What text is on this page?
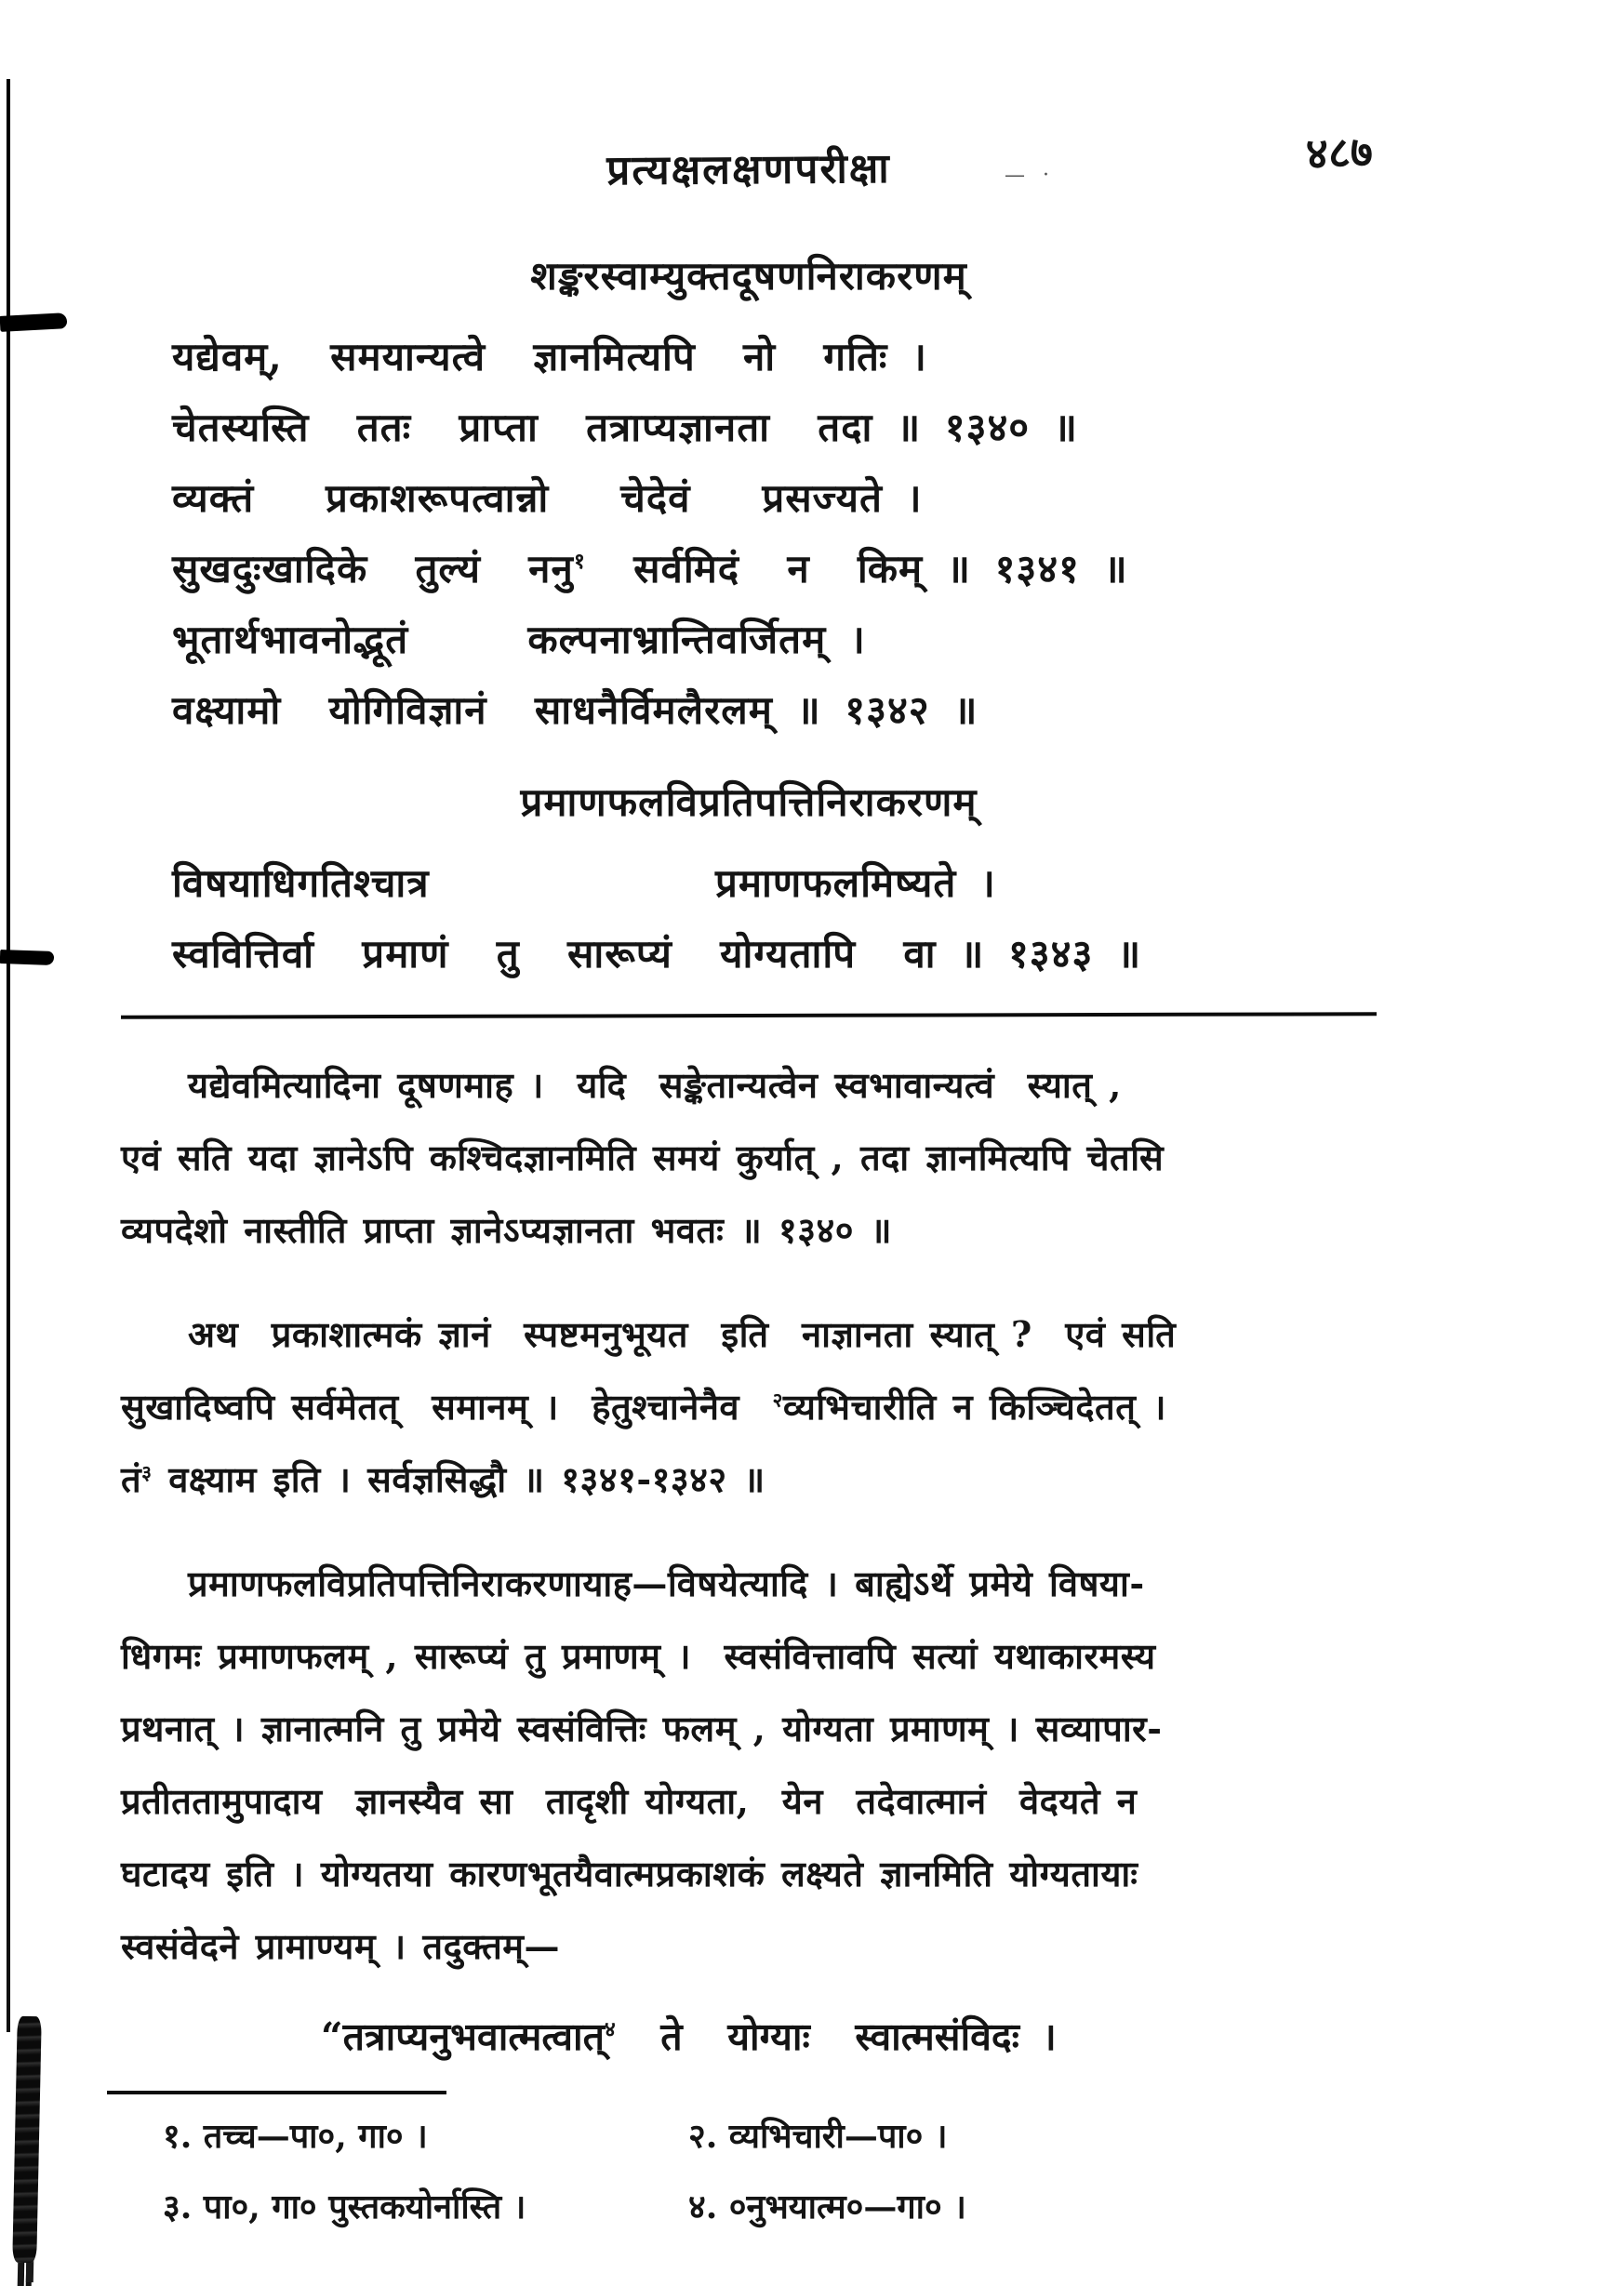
प्रत्यक्षलक्षणपरीक्षा	— ·	४८७
शङ्करस्वाम्युक्तदूषणनिराकरणम्
यद्येवम्,  समयान्यत्वे  ज्ञानमित्यपि  नो  गतिः ।
चेतस्यस्ति  ततः  प्राप्ता  तत्राप्यज्ञानता  तदा ॥ १३४० ॥
व्यक्तं   प्रकाशरूपत्वान्नो   चेदेवं   प्रसज्यते ।
सुखदुःखादिके  तुल्यं  ननु$^१$  सर्वमिदं  न  किम् ॥ १३४१ ॥
भूतार्थभावनोद्भूतं     कल्पनाभ्रान्तिवर्जितम् ।
वक्ष्यामो  योगिविज्ञानं  साधनैर्विमलैरलम् ॥ १३४२ ॥
प्रमाणफलविप्रतिपत्तिनिराकरणम्
विषयाधिगतिश्चात्र            प्रमाणफलमिष्यते ।
स्ववित्तिर्वा  प्रमाणं  तु  सारूप्यं  योग्यतापि  वा ॥ १३४३ ॥
यद्येवमित्यादिना दूषणमाह ।  यदि  सङ्केतान्यत्वेन स्वभावान्यत्वं  स्यात् ,
एवं सति यदा ज्ञानेऽपि कश्चिदज्ञानमिति समयं कुर्यात् , तदा ज्ञानमित्यपि चेतसि
व्यपदेशो नास्तीति प्राप्ता ज्ञानेऽप्यज्ञानता भवतः ॥ १३४० ॥
अथ  प्रकाशात्मकं ज्ञानं  स्पष्टमनुभूयत  इति  नाज्ञानता स्यात् ?  एवं सति
सुखादिष्वपि सर्वमेतत्  समानम् ।  हेतुश्चानेनैव  $^२$व्यभिचारीति न किञ्चिदेतत् ।
तं$^३$ वक्ष्याम इति । सर्वज्ञसिद्धौ ॥ १३४१-१३४२ ॥
प्रमाणफलविप्रतिपत्तिनिराकरणायाह—विषयेत्यादि । बाह्येऽर्थे प्रमेये विषया-
धिगमः प्रमाणफलम् , सारूप्यं तु प्रमाणम् ।  स्वसंवित्तावपि सत्यां यथाकारमस्य
प्रथनात् । ज्ञानात्मनि तु प्रमेये स्वसंवित्तिः फलम् , योग्यता प्रमाणम् । सव्यापार-
प्रतीततामुपादाय  ज्ञानस्यैव सा  तादृशी योग्यता,  येन  तदेवात्मानं  वेदयते न
घटादय इति । योग्यतया कारणभूतयैवात्मप्रकाशकं लक्ष्यते ज्ञानमिति योग्यतायाः
स्वसंवेदने प्रामाण्यम् । तदुक्तम्—
“तत्राप्यनुभवात्मत्वात्$^४$  ते  योग्याः  स्वात्मसंविदः ।
१. तच्च—पा०, गा० ।	२. व्यभिचारी—पा० ।
३. पा०, गा० पुस्तकयोर्नास्ति ।	४. ०नुभयात्म०—गा० ।
